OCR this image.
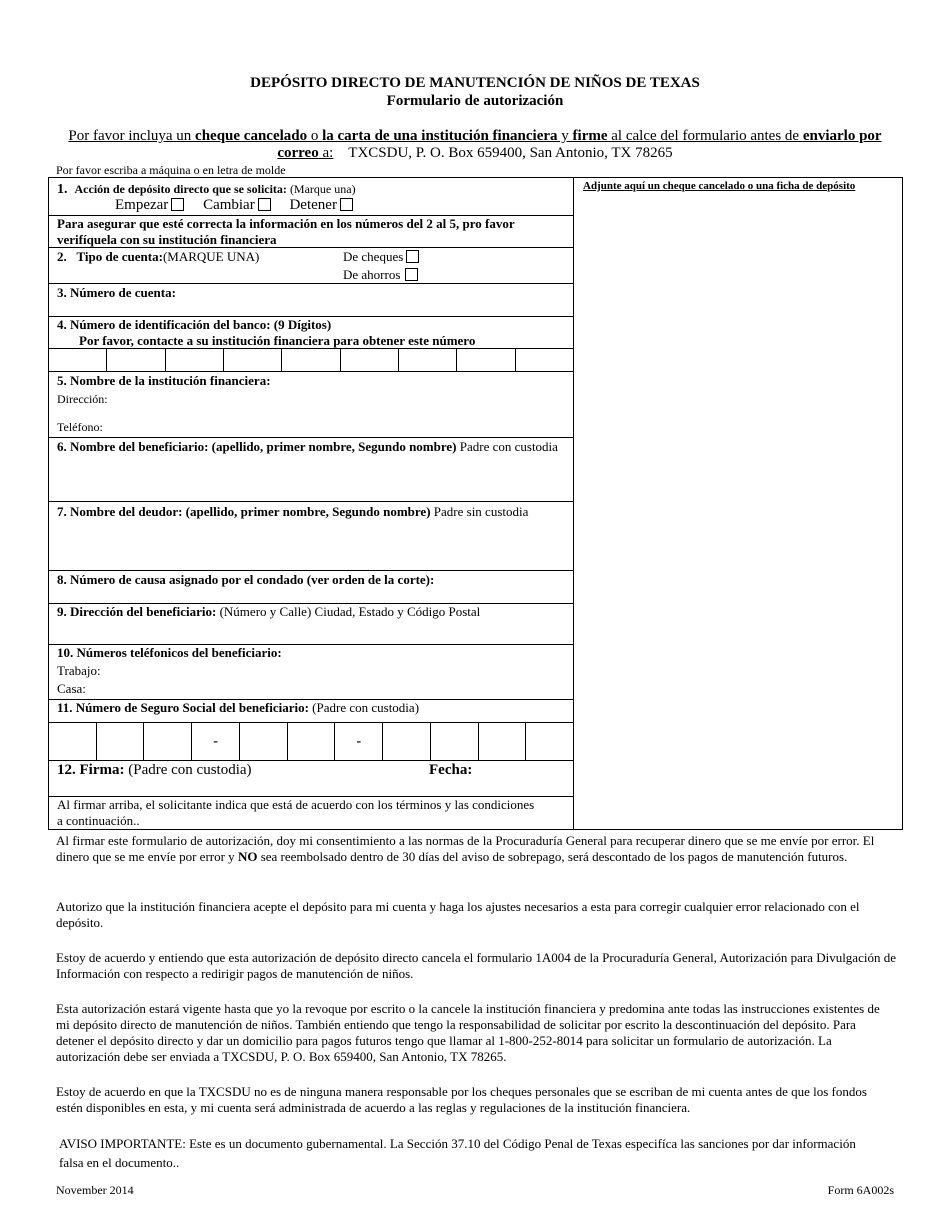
DEPÓSITO DIRECTO DE MANUTENCIÓN DE NIÑOS DE TEXAS
Formulario de autorización
Por favor incluya un cheque cancelado o la carta de una institución financiera y firme al calce del formulario antes de enviarlo por correo a: TXCSDU, P. O. Box 659400, San Antonio, TX 78265
Por favor escriba a máquina o en letra de molde
Adjunte aquí un cheque cancelado o una ficha de depósito
1. Acción de depósito directo que se solicita: (Marque una)
Empezar Cambiar Detener
Para asegurar que esté correcta la información en los números del 2 al 5, pro favor verifíquela con su institución financiera
2. Tipo de cuenta:(MARQUE UNA)	De cheques
De ahorros
3. Número de cuenta:
4. Número de identificación del banco: (9 Dígitos)
Por favor, contacte a su institución financiera para obtener este número
5. Nombre de la institución financiera:
Dirección:
Teléfono:
6. Nombre del beneficiario: (apellido, primer nombre, Segundo nombre) Padre con custodia
7. Nombre del deudor: (apellido, primer nombre, Segundo nombre) Padre sin custodia
8. Número de causa asignado por el condado (ver orden de la corte):
9. Dirección del beneficiario: (Número y Calle) Ciudad, Estado y Código Postal
10. Números teléfonicos del beneficiario:
Trabajo:
Casa:
11. Número de Seguro Social del beneficiario: (Padre con custodia)
-	-
12. Firma: (Padre con custodia)	Fecha:
Al firmar arriba, el solicitante indica que está de acuerdo con los términos y las condiciones a continuación..
Al firmar este formulario de autorización, doy mi consentimiento a las normas de la Procuraduría General para recuperar dinero que se me envíe por error. El dinero que se me envíe por error y NO sea reembolsado dentro de 30 días del aviso de sobrepago, será descontado de los pagos de manutención futuros.
Autorizo que la institución financiera acepte el depósito para mi cuenta y haga los ajustes necesarios a esta para corregir cualquier error relacionado con el depósito.
Estoy de acuerdo y entiendo que esta autorización de depósito directo cancela el formulario 1A004 de la Procuraduría General, Autorización para Divulgación de Información con respecto a redirigir pagos de manutención de niños.
Esta autorización estará vigente hasta que yo la revoque por escrito o la cancele la institución financiera y predomina ante todas las instrucciones existentes de mi depósito directo de manutención de niños. También entiendo que tengo la responsabilidad de solicitar por escrito la descontinuación del depósito. Para detener el depósito directo y dar un domicilio para pagos futuros tengo que llamar al 1-800-252-8014 para solicitar un formulario de autorización. La autorización debe ser enviada a TXCSDU, P. O. Box 659400, San Antonio, TX 78265.
Estoy de acuerdo en que la TXCSDU no es de ninguna manera responsable por los cheques personales que se escriban de mi cuenta antes de que los fondos estén disponibles en esta, y mi cuenta será administrada de acuerdo a las reglas y regulaciones de la institución financiera.
AVISO IMPORTANTE: Este es un documento gubernamental. La Sección 37.10 del Código Penal de Texas especifíca las sanciones por dar información falsa en el documento..
November 2014	Form 6A002s
